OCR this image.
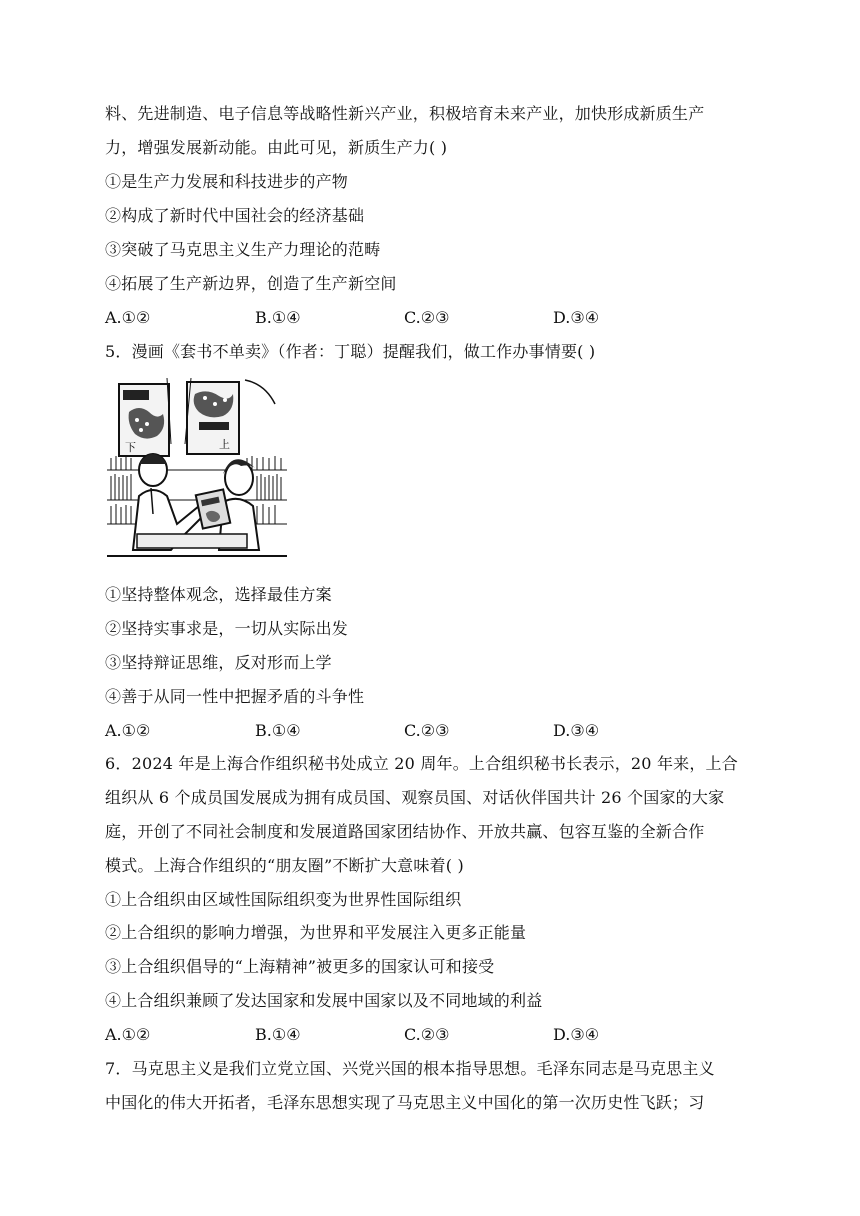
料、先进制造、电子信息等战略性新兴产业，积极培育未来产业，加快形成新质生产
力，增强发展新动能。由此可见，新质生产力( )
①是生产力发展和科技进步的产物
②构成了新时代中国社会的经济基础
③突破了马克思主义生产力理论的范畴
④拓展了生产新边界，创造了生产新空间
A.①②	B.①④	C.②③	D.③④
5．漫画《套书不单卖》（作者：丁聪）提醒我们，做工作办事情要( )
下	上
①坚持整体观念，选择最佳方案
②坚持实事求是，一切从实际出发
③坚持辩证思维，反对形而上学
④善于从同一性中把握矛盾的斗争性
A.①②	B.①④	C.②③	D.③④
6．2024 年是上海合作组织秘书处成立 20 周年。上合组织秘书长表示，20 年来，上合
组织从 6 个成员国发展成为拥有成员国、观察员国、对话伙伴国共计 26 个国家的大家
庭，开创了不同社会制度和发展道路国家团结协作、开放共赢、包容互鉴的全新合作
模式。上海合作组织的“朋友圈”不断扩大意味着( )
①上合组织由区域性国际组织变为世界性国际组织
②上合组织的影响力增强，为世界和平发展注入更多正能量
③上合组织倡导的“上海精神”被更多的国家认可和接受
④上合组织兼顾了发达国家和发展中国家以及不同地域的利益
A.①②	B.①④	C.②③	D.③④
7．马克思主义是我们立党立国、兴党兴国的根本指导思想。毛泽东同志是马克思主义
中国化的伟大开拓者，毛泽东思想实现了马克思主义中国化的第一次历史性飞跃；习
